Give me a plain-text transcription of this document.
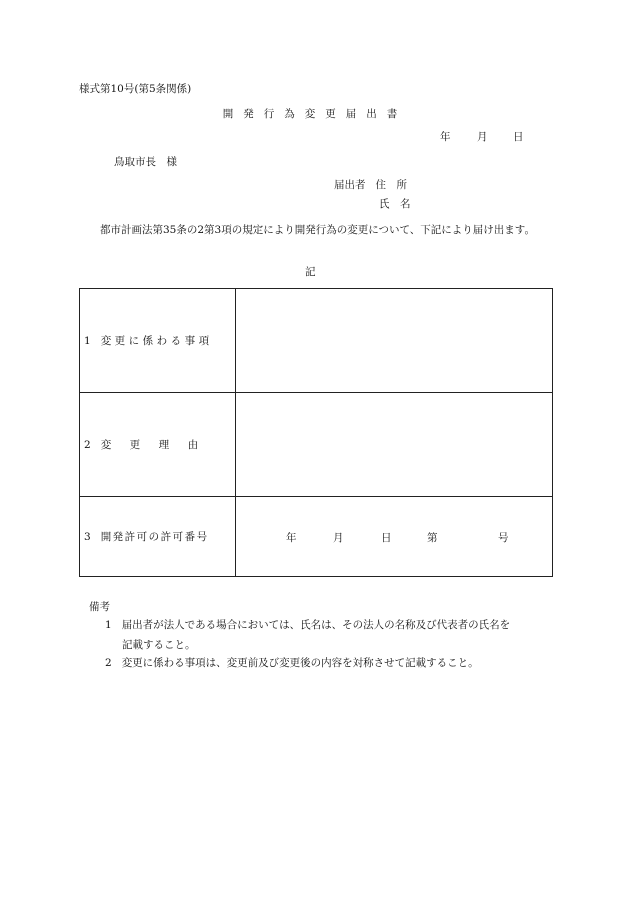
様式第10号(第5条関係)
開発行為変更届出書
年	月 日
鳥取市長　様
届出者 住　所
氏　名
都市計画法第35条の2第3項の規定により開発行為の変更について、下記により届け出ます。
記
1 変更に係わる事項	
2 変　更　理　由	
3 開発許可の許可番号	年 月 日 第 号
備考
1 届出者が法人である場合においては、氏名は、その法人の名称及び代表者の氏名を
記載すること。
2 変更に係わる事項は、変更前及び変更後の内容を対称させて記載すること。
